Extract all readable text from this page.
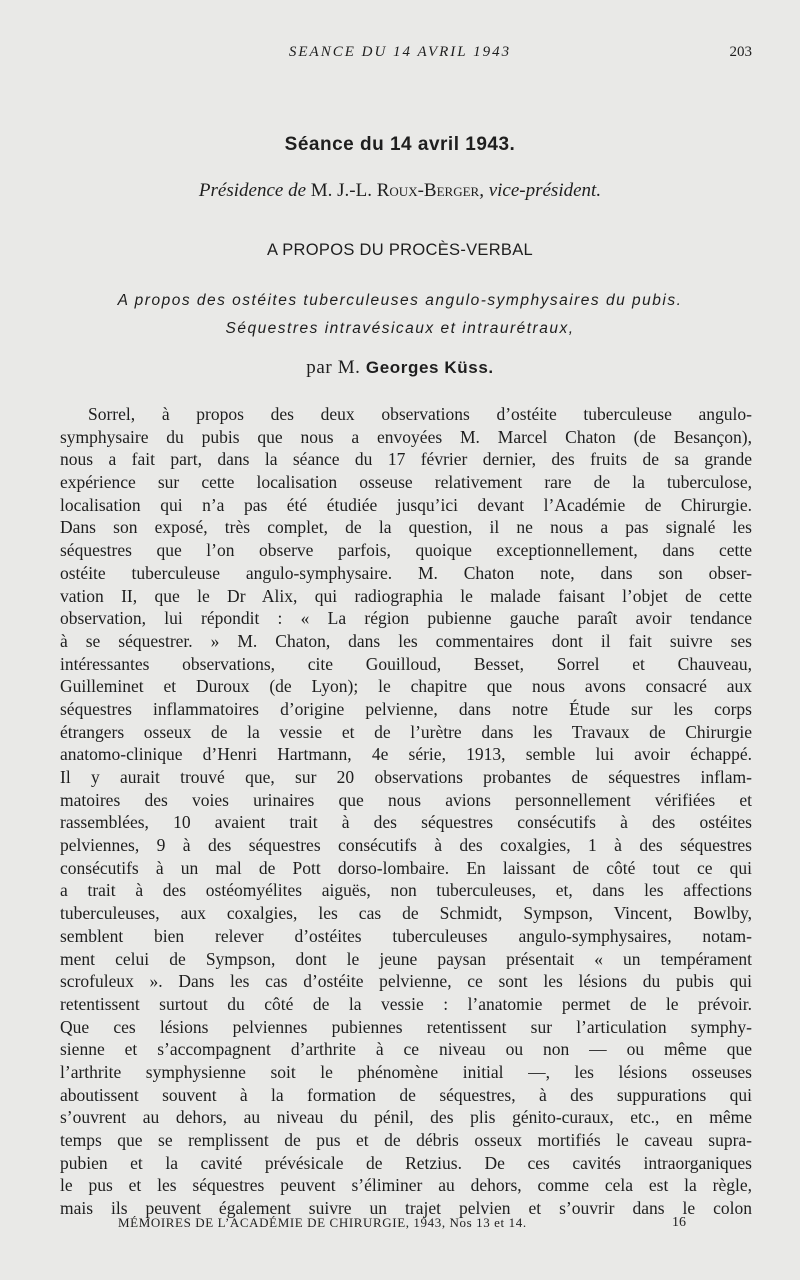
SEANCE DU 14 AVRIL 1943	203
Séance du 14 avril 1943.
Présidence de M. J.-L. Roux-Berger, vice-président.
A PROPOS DU PROCÈS-VERBAL
A propos des ostéites tuberculeuses angulo-symphysaires du pubis.
Séquestres intravésicaux et intraurétraux,
par M. Georges Küss.
Sorrel, à propos des deux observations d’ostéite tuberculeuse angulo-
symphysaire du pubis que nous a envoyées M. Marcel Chaton (de Besançon),
nous a fait part, dans la séance du 17 février dernier, des fruits de sa grande
expérience sur cette localisation osseuse relativement rare de la tuberculose,
localisation qui n’a pas été étudiée jusqu’ici devant l’Académie de Chirurgie.
Dans son exposé, très complet, de la question, il ne nous a pas signalé les
séquestres que l’on observe parfois, quoique exceptionnellement, dans cette
ostéite tuberculeuse angulo-symphysaire. M. Chaton note, dans son obser-
vation II, que le Dr Alix, qui radiographia le malade faisant l’objet de cette
observation, lui répondit : « La région pubienne gauche paraît avoir tendance
à se séquestrer. » M. Chaton, dans les commentaires dont il fait suivre ses
intéressantes observations, cite Gouilloud, Besset, Sorrel et Chauveau,
Guilleminet et Duroux (de Lyon); le chapitre que nous avons consacré aux
séquestres inflammatoires d’origine pelvienne, dans notre Étude sur les corps
étrangers osseux de la vessie et de l’urètre dans les Travaux de Chirurgie
anatomo-clinique d’Henri Hartmann, 4e série, 1913, semble lui avoir échappé.
Il y aurait trouvé que, sur 20 observations probantes de séquestres inflam-
matoires des voies urinaires que nous avions personnellement vérifiées et
rassemblées, 10 avaient trait à des séquestres consécutifs à des ostéites
pelviennes, 9 à des séquestres consécutifs à des coxalgies, 1 à des séquestres
consécutifs à un mal de Pott dorso-lombaire. En laissant de côté tout ce qui
a trait à des ostéomyélites aiguës, non tuberculeuses, et, dans les affections
tuberculeuses, aux coxalgies, les cas de Schmidt, Sympson, Vincent, Bowlby,
semblent bien relever d’ostéites tuberculeuses angulo-symphysaires, notam-
ment celui de Sympson, dont le jeune paysan présentait « un tempérament
scrofuleux ». Dans les cas d’ostéite pelvienne, ce sont les lésions du pubis qui
retentissent surtout du côté de la vessie : l’anatomie permet de le prévoir.
Que ces lésions pelviennes pubiennes retentissent sur l’articulation symphy-
sienne et s’accompagnent d’arthrite à ce niveau ou non — ou même que
l’arthrite symphysienne soit le phénomène initial —, les lésions osseuses
aboutissent souvent à la formation de séquestres, à des suppurations qui
s’ouvrent au dehors, au niveau du pénil, des plis génito-curaux, etc., en même
temps que se remplissent de pus et de débris osseux mortifiés le caveau supra-
pubien et la cavité prévésicale de Retzius. De ces cavités intraorganiques
le pus et les séquestres peuvent s’éliminer au dehors, comme cela est la règle,
mais ils peuvent également suivre un trajet pelvien et s’ouvrir dans le colon
MÉMOIRES DE L’ACADÉMIE DE CHIRURGIE, 1943, Nos 13 et 14.	16
